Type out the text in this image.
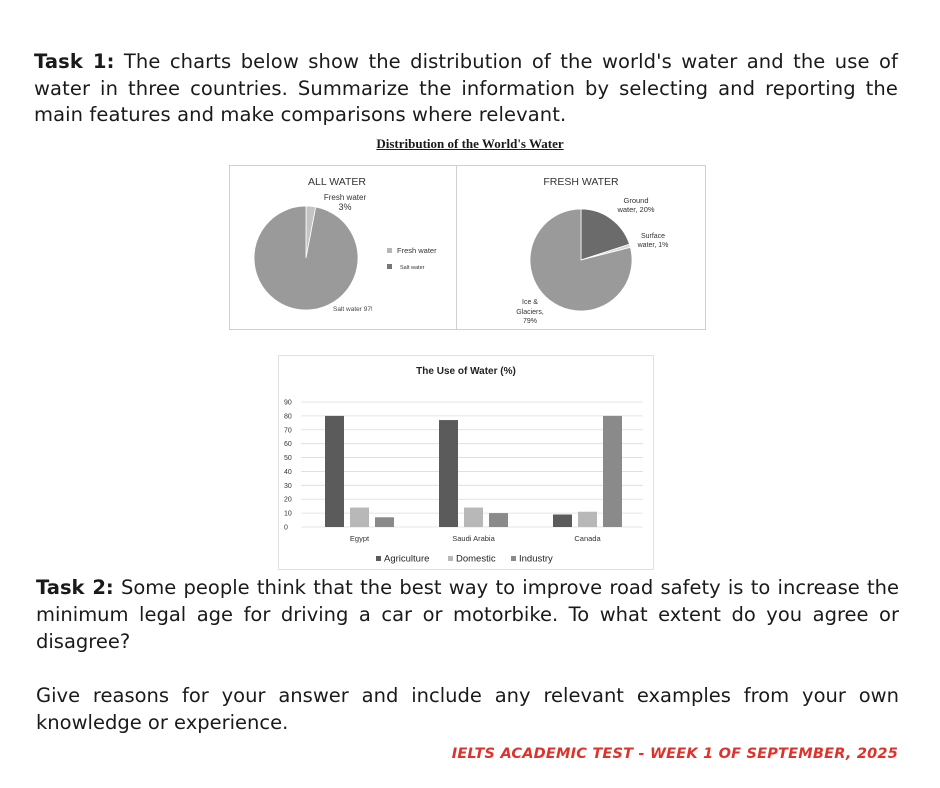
Task 1: The charts below show the distribution of the world's water and the use of water in three countries. Summarize the information by selecting and reporting the main features and make comparisons where relevant.
Distribution of the World's Water
ALL WATER
Fresh water
3%
Salt water 97!
Fresh water
Salt water
FRESH WATER
Ground
water, 20%
Surface
water, 1%
Ice &
Glaciers,
79%
The Use of Water (%)
90
80
70
60
50
40
30
20
10
0
Egypt	Saudi Arabia	Canada
Agriculture	Domestic Industry

Task 2: Some people think that the best way to improve road safety is to increase the minimum legal age for driving a car or motorbike. To what extent do you agree or disagree?

Give reasons for your answer and include any relevant examples from your own knowledge or experience.

IELTS ACADEMIC TEST - WEEK 1 OF SEPTEMBER, 2025
